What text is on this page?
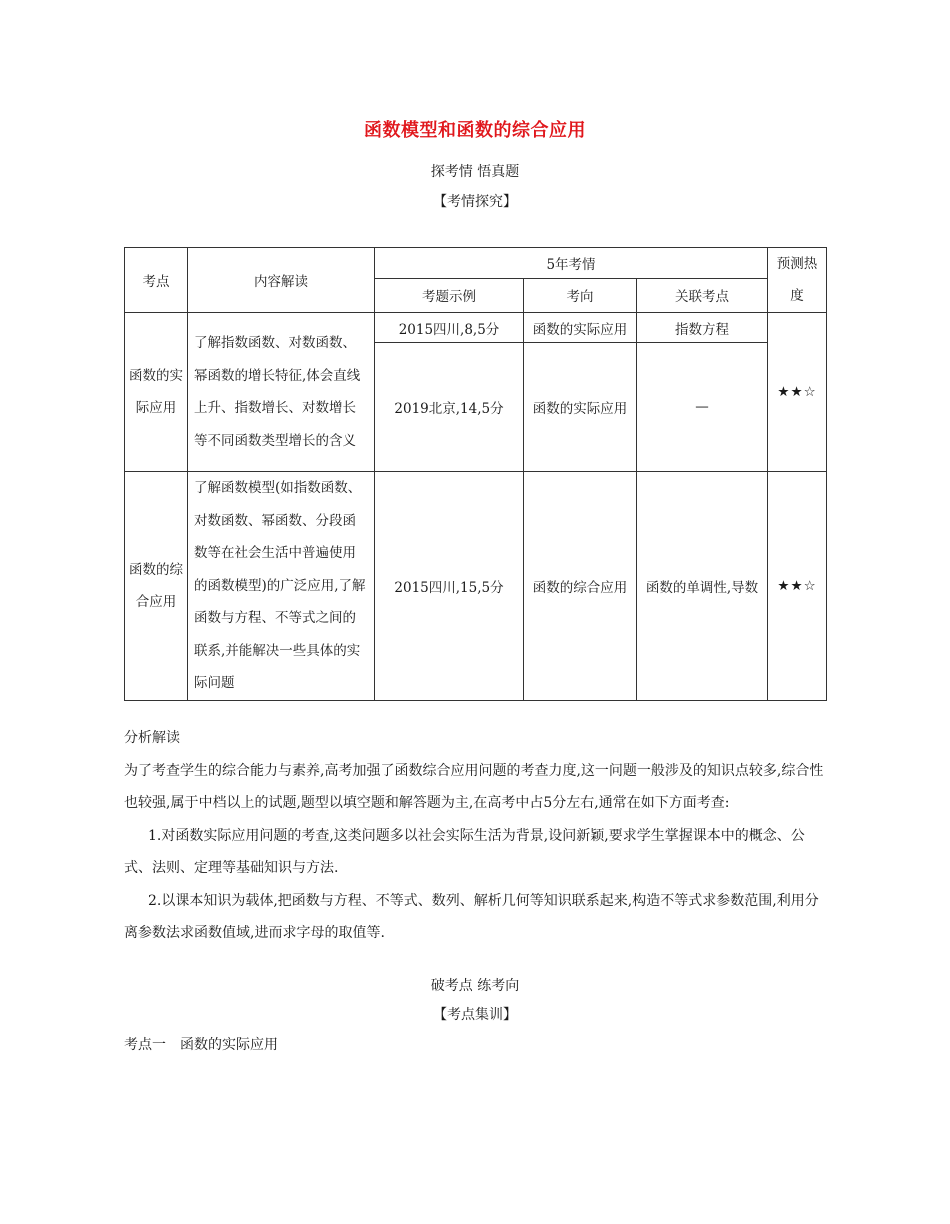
函数模型和函数的综合应用
探考情 悟真题
【考情探究】
考点	内容解读	5年考情			预测热度
		考题示例	考向	关联考点	
函数的实际应用	了解指数函数、对数函数、幂函数的增长特征,体会直线上升、指数增长、对数增长等不同函数类型增长的含义	2015四川,8,5分	函数的实际应用	指数方程	★★☆
		2019北京,14,5分	函数的实际应用	—	
函数的综合应用	了解函数模型(如指数函数、对数函数、幂函数、分段函数等在社会生活中普遍使用的函数模型)的广泛应用,了解函数与方程、不等式之间的联系,并能解决一些具体的实际问题	2015四川,15,5分	函数的综合应用	函数的单调性,导数	★★☆

分析解读

为了考查学生的综合能力与素养,高考加强了函数综合应用问题的考查力度,这一问题一般涉及的知识点较多,综合性也较强,属于中档以上的试题,题型以填空题和解答题为主,在高考中占5分左右,通常在如下方面考查:

1.对函数实际应用问题的考查,这类问题多以社会实际生活为背景,设问新颖,要求学生掌握课本中的概念、公式、法则、定理等基础知识与方法.

2.以课本知识为载体,把函数与方程、不等式、数列、解析几何等知识联系起来,构造不等式求参数范围,利用分离参数法求函数值域,进而求字母的取值等.

破考点 练考向
【考点集训】
考点一　函数的实际应用
